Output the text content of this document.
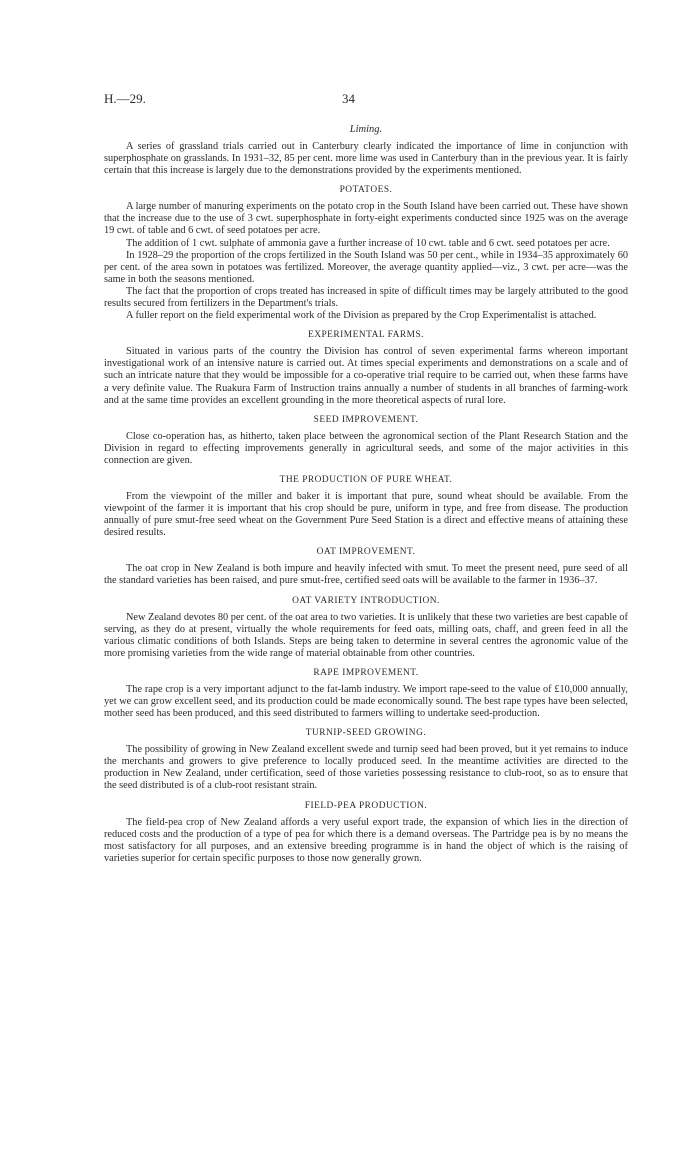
H.—29.	34
Liming.

A series of grassland trials carried out in Canterbury clearly indicated the importance of lime in conjunction with superphosphate on grasslands. In 1931–32, 85 per cent. more lime was used in Canterbury than in the previous year. It is fairly certain that this increase is largely due to the demonstrations provided by the experiments mentioned.

POTATOES.

A large number of manuring experiments on the potato crop in the South Island have been carried out. These have shown that the increase due to the use of 3 cwt. superphosphate in forty-eight experiments conducted since 1925 was on the average 19 cwt. of table and 6 cwt. of seed potatoes per acre.

The addition of 1 cwt. sulphate of ammonia gave a further increase of 10 cwt. table and 6 cwt. seed potatoes per acre.

In 1928–29 the proportion of the crops fertilized in the South Island was 50 per cent., while in 1934–35 approximately 60 per cent. of the area sown in potatoes was fertilized. Moreover, the average quantity applied—viz., 3 cwt. per acre—was the same in both the seasons mentioned.

The fact that the proportion of crops treated has increased in spite of difficult times may be largely attributed to the good results secured from fertilizers in the Department's trials.

A fuller report on the field experimental work of the Division as prepared by the Crop Experimentalist is attached.

EXPERIMENTAL FARMS.

Situated in various parts of the country the Division has control of seven experimental farms whereon important investigational work of an intensive nature is carried out. At times special experiments and demonstrations on a scale and of such an intricate nature that they would be impossible for a co-operative trial require to be carried out, when these farms have a very definite value. The Ruakura Farm of Instruction trains annually a number of students in all branches of farming-work and at the same time provides an excellent grounding in the more theoretical aspects of rural lore.

SEED IMPROVEMENT.

Close co-operation has, as hitherto, taken place between the agronomical section of the Plant Research Station and the Division in regard to effecting improvements generally in agricultural seeds, and some of the major activities in this connection are given.

THE PRODUCTION OF PURE WHEAT.

From the viewpoint of the miller and baker it is important that pure, sound wheat should be available. From the viewpoint of the farmer it is important that his crop should be pure, uniform in type, and free from disease. The production annually of pure smut-free seed wheat on the Government Pure Seed Station is a direct and effective means of attaining these desired results.

OAT IMPROVEMENT.

The oat crop in New Zealand is both impure and heavily infected with smut. To meet the present need, pure seed of all the standard varieties has been raised, and pure smut-free, certified seed oats will be available to the farmer in 1936–37.

OAT VARIETY INTRODUCTION.

New Zealand devotes 80 per cent. of the oat area to two varieties. It is unlikely that these two varieties are best capable of serving, as they do at present, virtually the whole requirements for feed oats, milling oats, chaff, and green feed in all the various climatic conditions of both Islands. Steps are being taken to determine in several centres the agronomic value of the more promising varieties from the wide range of material obtainable from other countries.

RAPE IMPROVEMENT.

The rape crop is a very important adjunct to the fat-lamb industry. We import rape-seed to the value of £10,000 annually, yet we can grow excellent seed, and its production could be made economically sound. The best rape types have been selected, mother seed has been produced, and this seed distributed to farmers willing to undertake seed-production.

TURNIP-SEED GROWING.

The possibility of growing in New Zealand excellent swede and turnip seed had been proved, but it yet remains to induce the merchants and growers to give preference to locally produced seed. In the meantime activities are directed to the production in New Zealand, under certification, seed of those varieties possessing resistance to club-root, so as to ensure that the seed distributed is of a club-root resistant strain.

FIELD-PEA PRODUCTION.

The field-pea crop of New Zealand affords a very useful export trade, the expansion of which lies in the direction of reduced costs and the production of a type of pea for which there is a demand overseas. The Partridge pea is by no means the most satisfactory for all purposes, and an extensive breeding programme is in hand the object of which is the raising of varieties superior for certain specific purposes to those now generally grown.
